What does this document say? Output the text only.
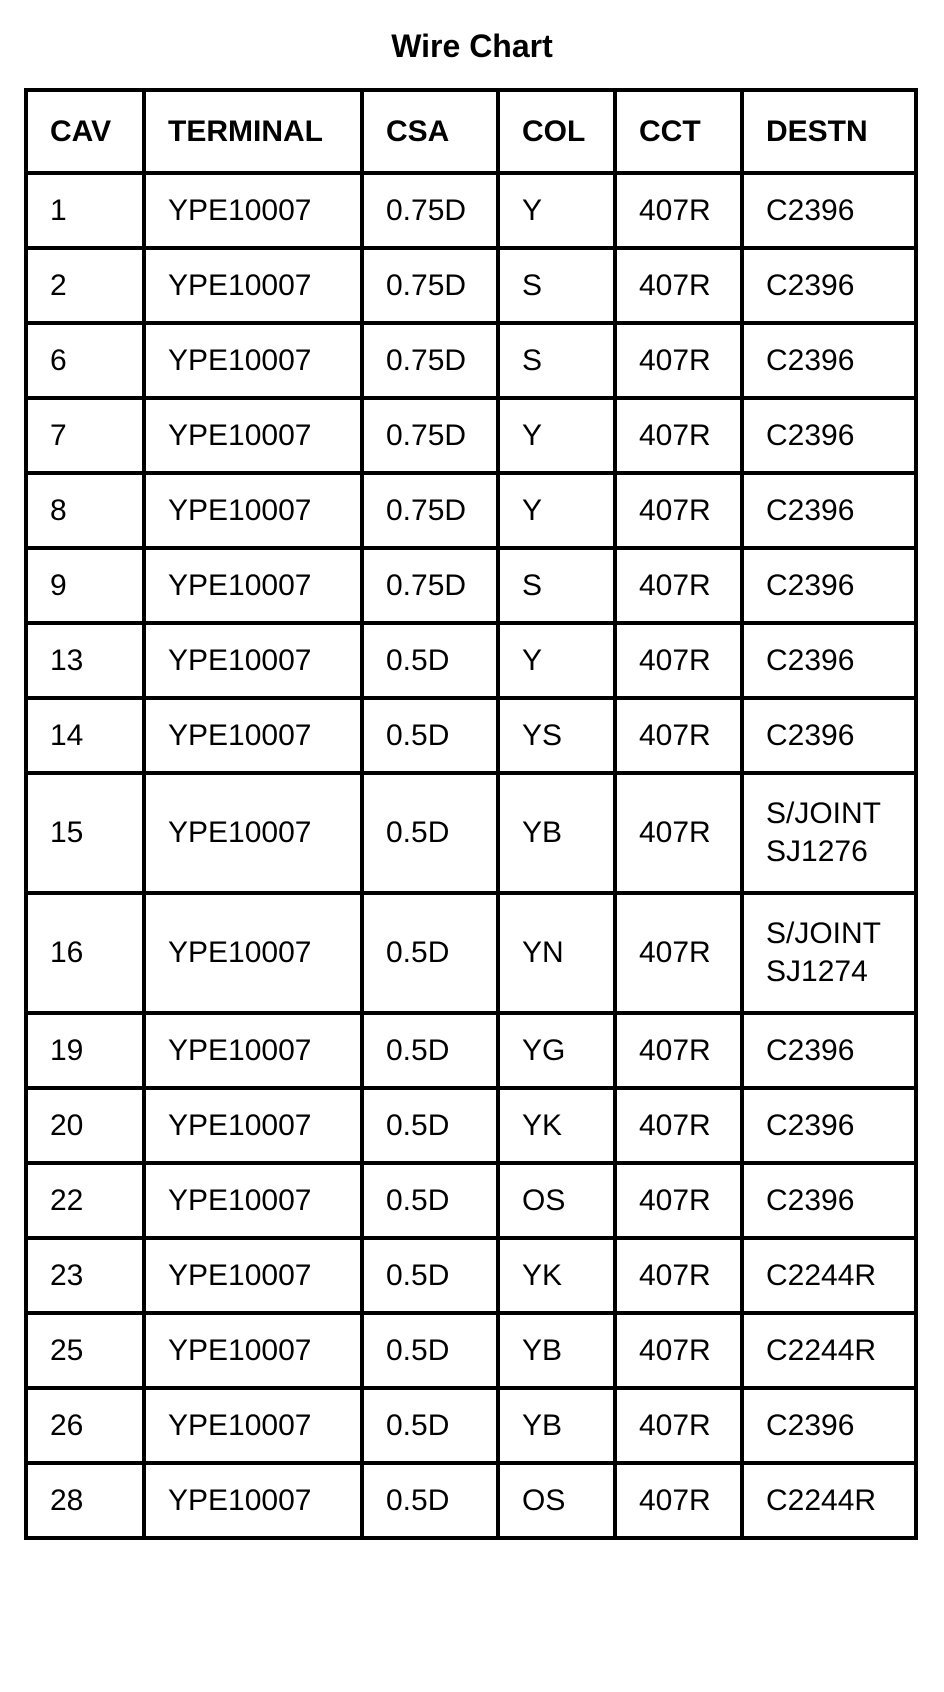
Wire Chart
CAV	TERMINAL	CSA	COL	CCT	DESTN
1	YPE10007	0.75D	Y	407R	C2396

2	YPE10007	0.75D	S	407R	C2396

6	YPE10007	0.75D	S	407R	C2396

7	YPE10007	0.75D	Y	407R	C2396

8	YPE10007	0.75D	Y	407R	C2396

9	YPE10007	0.75D	S	407R	C2396

13	YPE10007	0.5D	Y	407R	C2396

14	YPE10007	0.5D	YS	407R	C2396

15	YPE10007	0.5D	YB	407R	S/JOINT
SJ1276

16	YPE10007	0.5D	YN	407R	S/JOINT
SJ1274

19	YPE10007	0.5D	YG	407R	C2396

20	YPE10007	0.5D	YK	407R	C2396

22	YPE10007	0.5D	OS	407R	C2396

23	YPE10007	0.5D	YK	407R	C2244R

25	YPE10007	0.5D	YB	407R	C2244R

26	YPE10007	0.5D	YB	407R	C2396

28	YPE10007	0.5D	OS	407R	C2244R
